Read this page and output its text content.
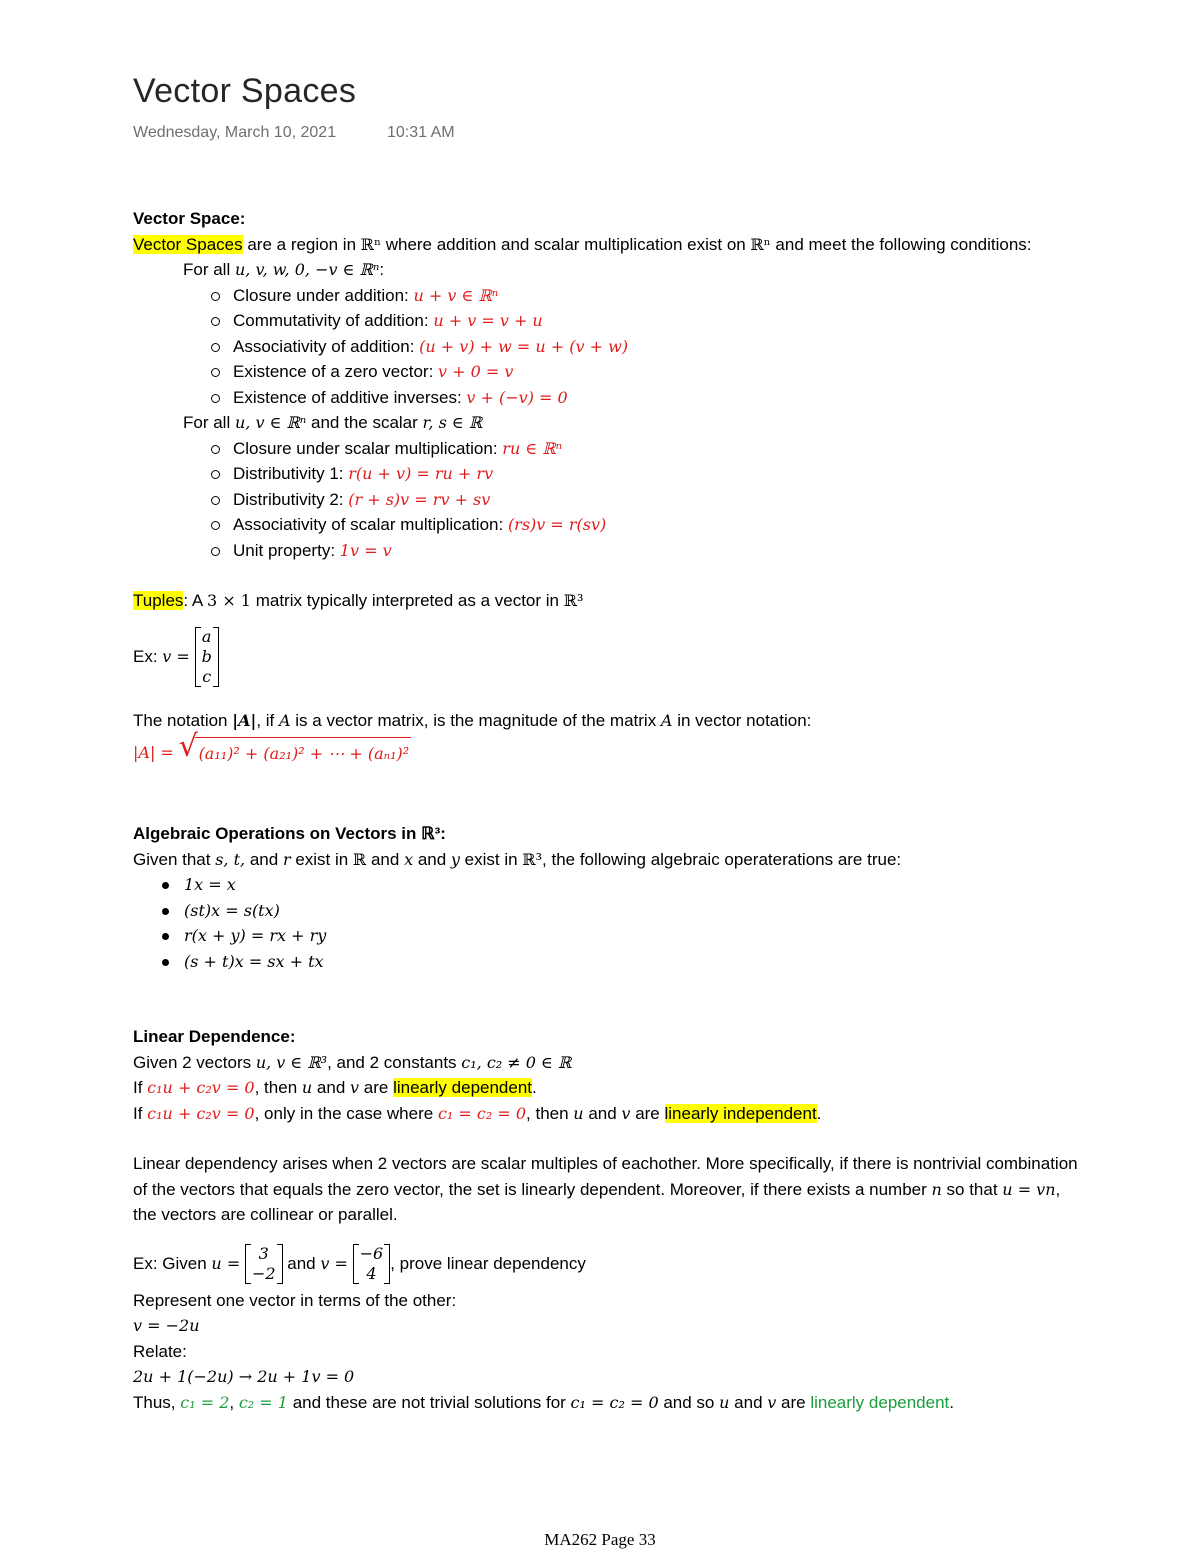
Vector Spaces
Wednesday, March 10, 2021	10:31 AM
Vector Space:
Vector Spaces are a region in ℝⁿ where addition and scalar multiplication exist on ℝⁿ and meet the following conditions:
For all u, v, w, 0, −v ∈ ℝⁿ:
Closure under addition: u + v ∈ ℝⁿ
Commutativity of addition: u + v = v + u
Associativity of addition: (u + v) + w = u + (v + w)
Existence of a zero vector: v + 0 = v
Existence of additive inverses: v + (−v) = 0
For all u, v ∈ ℝⁿ and the scalar r, s ∈ ℝ
Closure under scalar multiplication: ru ∈ ℝⁿ
Distributivity 1: r(u + v) = ru + rv
Distributivity 2: (r + s)v = rv + sv
Associativity of scalar multiplication: (rs)v = r(sv)
Unit property: 1v = v
Tuples: A 3 × 1 matrix typically interpreted as a vector in ℝ³
Ex: v =
a
b
c
The notation |A|, if A is a vector matrix, is the magnitude of the matrix A in vector notation:
|A| = √ (a₁₁)² + (a₂₁)² + ⋯ + (aₙ₁)²
Algebraic Operations on Vectors in ℝ³:
Given that s, t, and r exist in ℝ and x and y exist in ℝ³, the following algebraic operaterations are true:
1x = x
(st)x = s(tx)
r(x + y) = rx + ry
(s + t)x = sx + tx
Linear Dependence:
Given 2 vectors u, v ∈ ℝ³, and 2 constants c₁, c₂ ≠ 0 ∈ ℝ
If c₁u + c₂v = 0, then u and v are linearly dependent.
If c₁u + c₂v = 0, only in the case where c₁ = c₂ = 0, then u and v are linearly independent.
Linear dependency arises when 2 vectors are scalar multiples of eachother. More specifically, if there is nontrivial combination
of the vectors that equals the zero vector, the set is linearly dependent. Moreover, if there exists a number n so that u = vn,
the vectors are collinear or parallel.
Ex: Given u =	3
−2
and v = −6
4
, prove linear dependency
Represent one vector in terms of the other:
v = −2u
Relate:
2u + 1(−2u) → 2u + 1v = 0
Thus, c₁ = 2, c₂ = 1 and these are not trivial solutions for c₁ = c₂ = 0 and so u and v are linearly dependent.
MA262 Page 33
